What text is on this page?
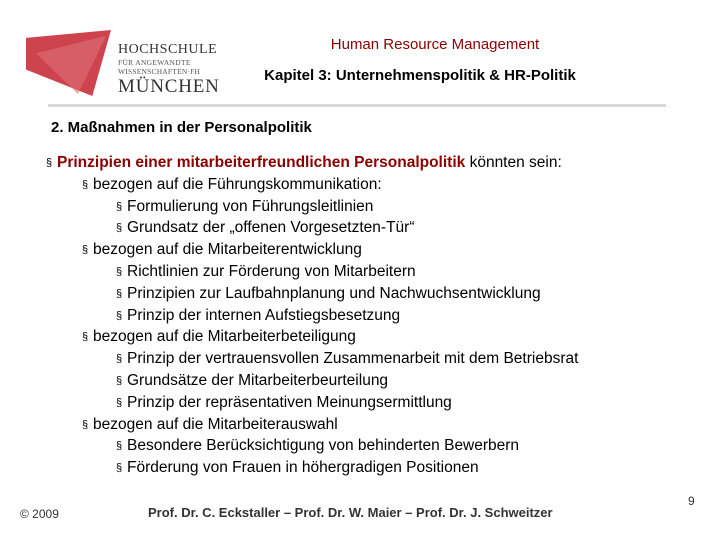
HOCHSCHULE
FÜR ANGEWANDTE
WISSENSCHAFTEN·FH
MÜNCHEN
Human Resource Management
Kapitel 3: Unternehmenspolitik & HR-Politik
2. Maßnahmen in der Personalpolitik
§ Prinzipien einer mitarbeiterfreundlichen Personalpolitik könnten sein:
§ bezogen auf die Führungskommunikation:
§ Formulierung von Führungsleitlinien
§ Grundsatz der „offenen Vorgesetzten-Tür“
§ bezogen auf die Mitarbeiterentwicklung
§ Richtlinien zur Förderung von Mitarbeitern
§ Prinzipien zur Laufbahnplanung und Nachwuchsentwicklung
§ Prinzip der internen Aufstiegsbesetzung
§ bezogen auf die Mitarbeiterbeteiligung
§ Prinzip der vertrauensvollen Zusammenarbeit mit dem Betriebsrat
§ Grundsätze der Mitarbeiterbeurteilung
§ Prinzip der repräsentativen Meinungsermittlung
§ bezogen auf die Mitarbeiterauswahl
§ Besondere Berücksichtigung von behinderten Bewerbern
§ Förderung von Frauen in höhergradigen Positionen
© 2009	Prof. Dr. C. Eckstaller – Prof. Dr. W. Maier – Prof. Dr. J. Schweitzer
9
